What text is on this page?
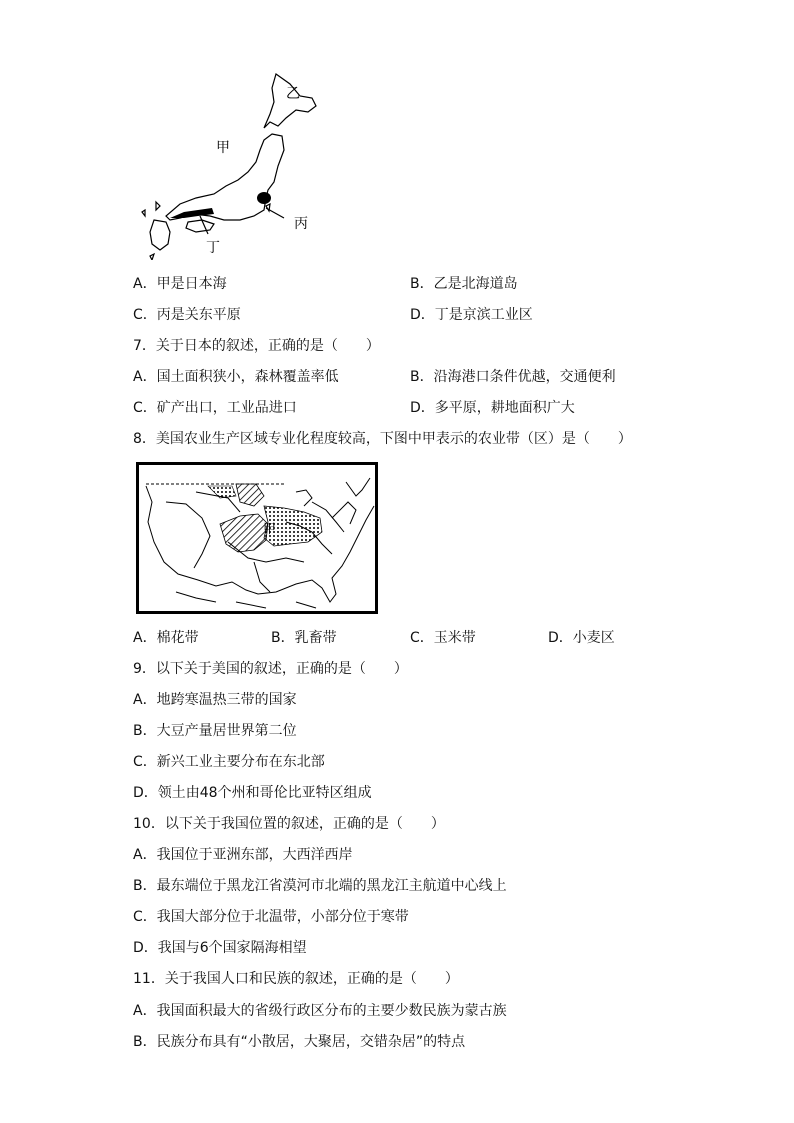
乙
甲
丙
丁
A．甲是日本海	B．乙是北海道岛
C．丙是关东平原	D．丁是京滨工业区
7．关于日本的叙述，正确的是（　　）
A．国土面积狭小，森林覆盖率低	B．沿海港口条件优越，交通便利
C．矿产出口，工业品进口	D．多平原，耕地面积广大
8．美国农业生产区域专业化程度较高，下图中甲表示的农业带（区）是（　　）
甲
A．棉花带	B．乳畜带	C．玉米带	D．小麦区
9．以下关于美国的叙述，正确的是（　　）
A．地跨寒温热三带的国家
B．大豆产量居世界第二位
C．新兴工业主要分布在东北部
D．领土由48个州和哥伦比亚特区组成
10．以下关于我国位置的叙述，正确的是（　　）
A．我国位于亚洲东部，大西洋西岸
B．最东端位于黑龙江省漠河市北端的黑龙江主航道中心线上
C．我国大部分位于北温带，小部分位于寒带
D．我国与6个国家隔海相望
11．关于我国人口和民族的叙述，正确的是（　　）
A．我国面积最大的省级行政区分布的主要少数民族为蒙古族
B．民族分布具有“小散居，大聚居，交错杂居”的特点
